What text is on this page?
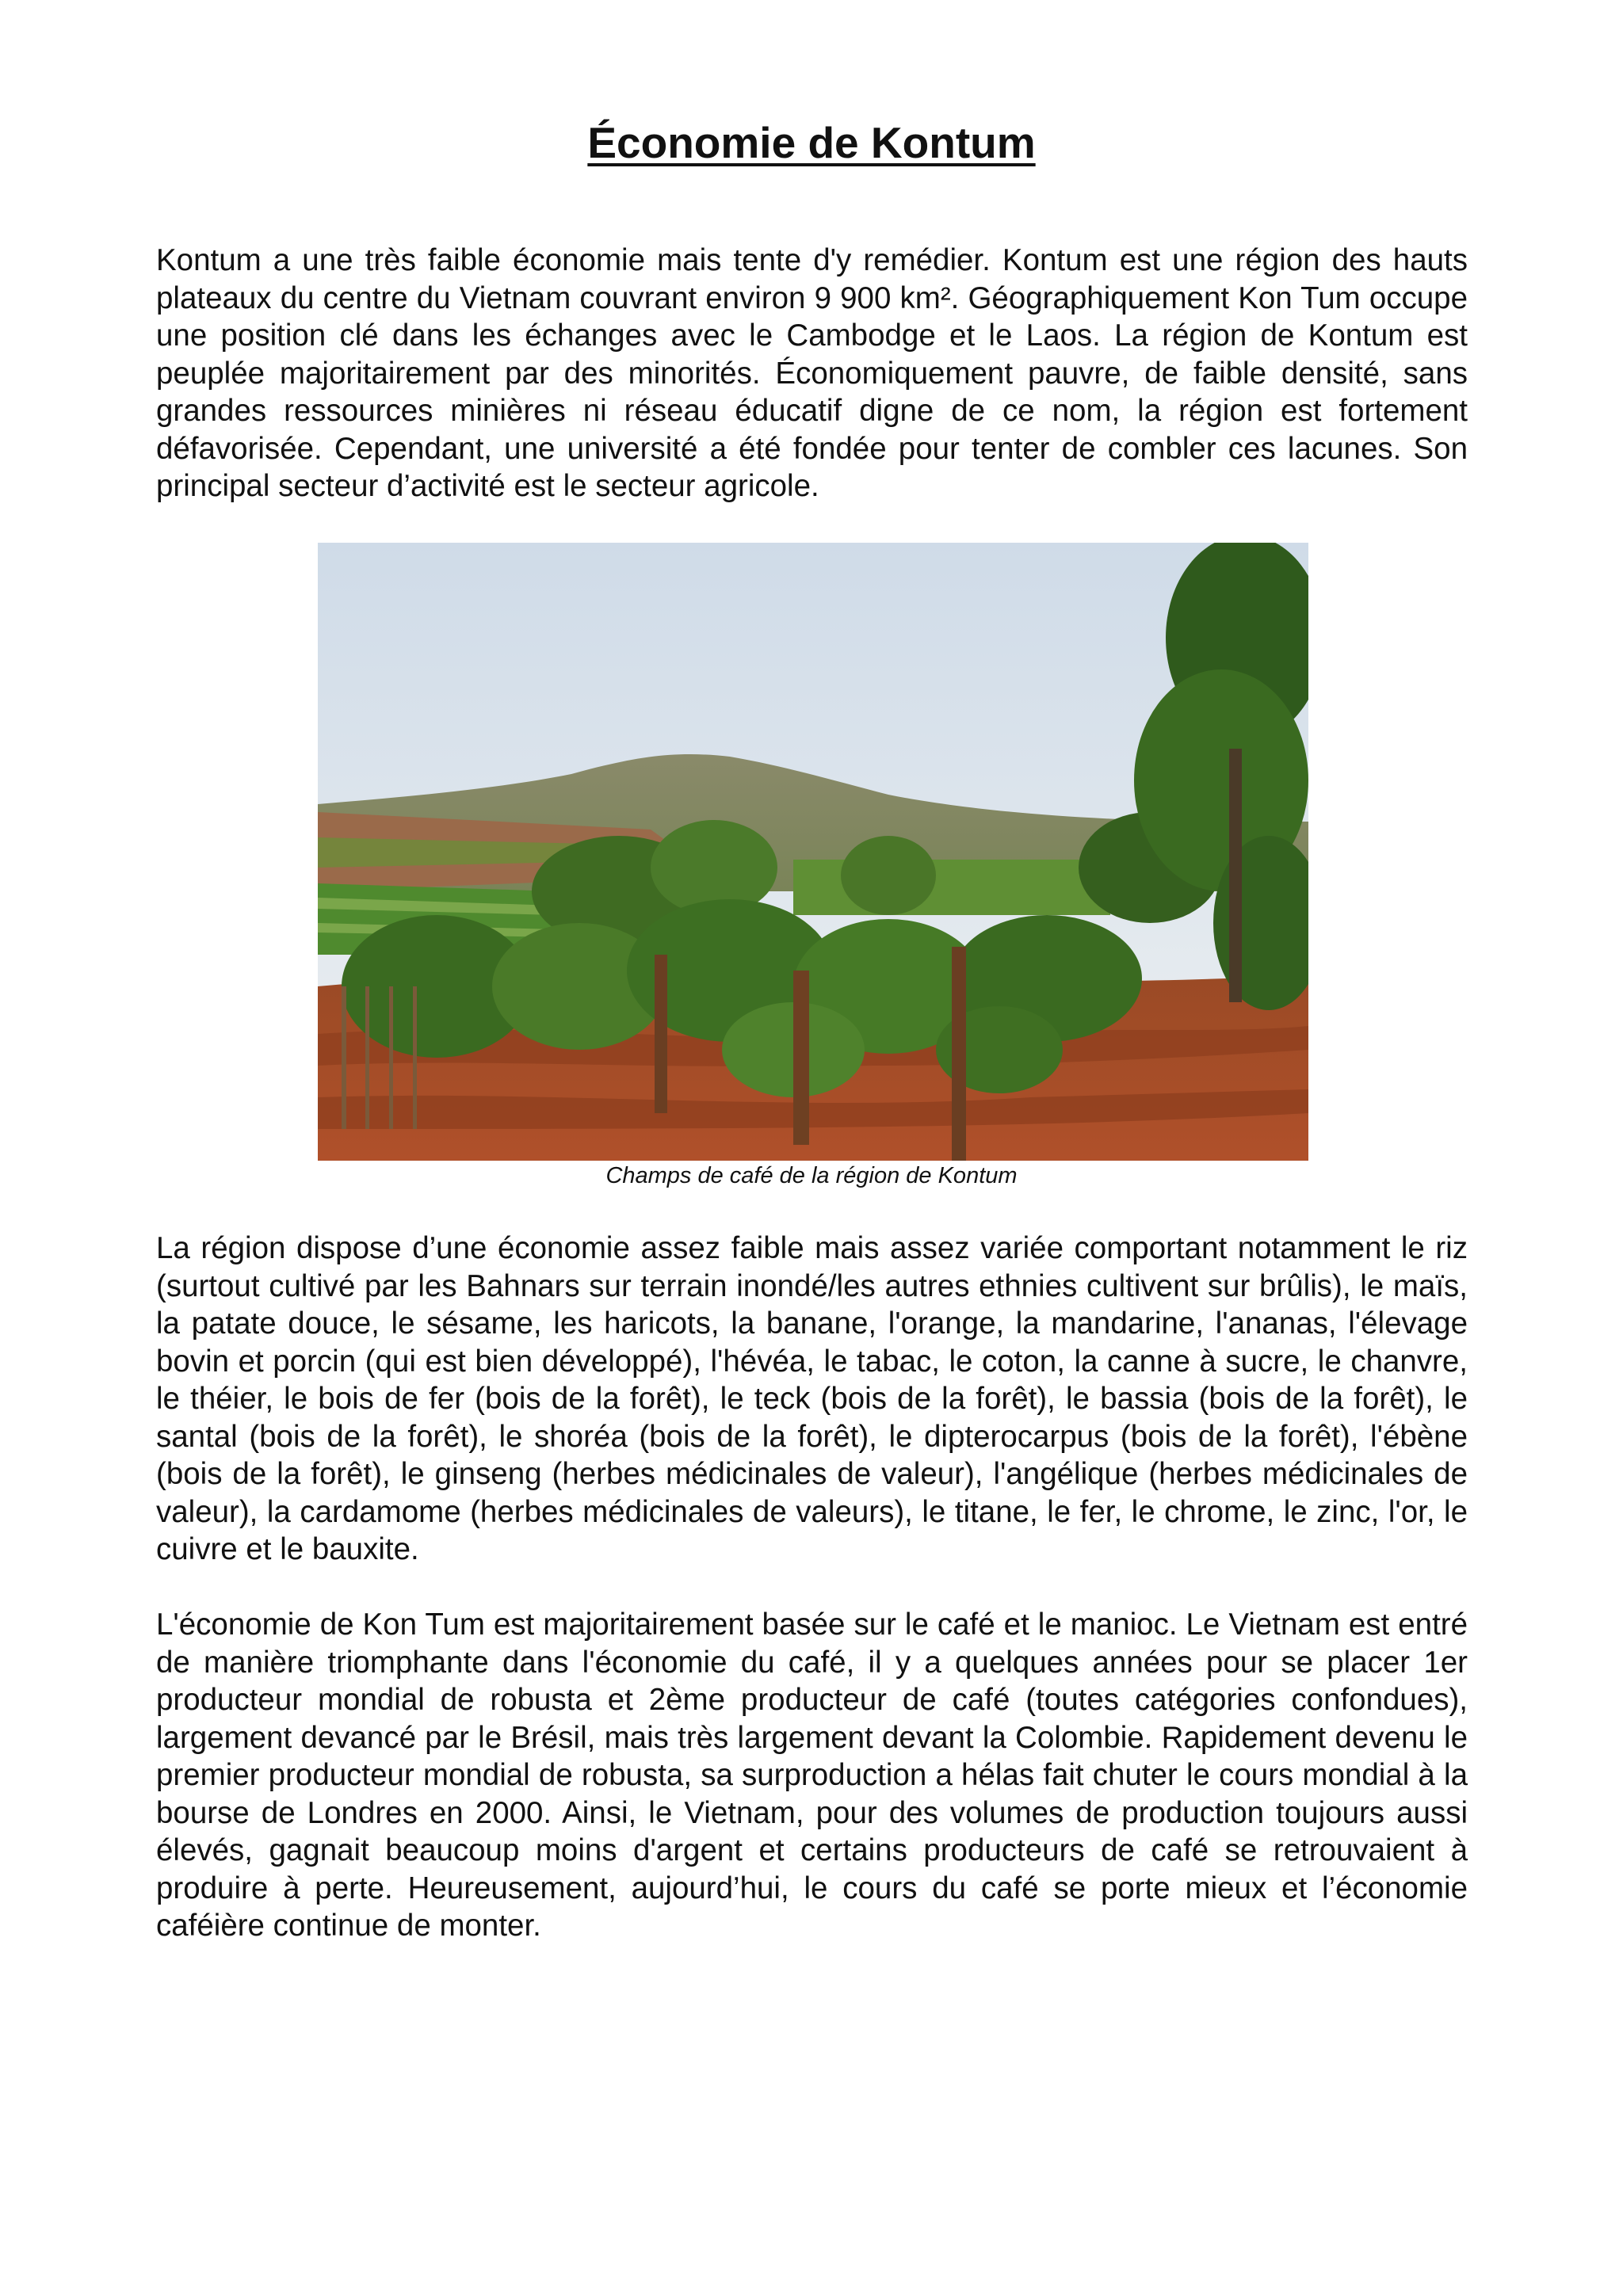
Économie de Kontum

Kontum a une très faible économie mais tente d'y remédier. Kontum est une région des hauts plateaux du centre du Vietnam couvrant environ 9 900 km². Géographiquement Kon Tum occupe une position clé dans les échanges avec le Cambodge et le Laos. La région de Kontum est peuplée majoritairement par des minorités. Économiquement pauvre, de faible densité, sans grandes ressources minières ni réseau éducatif digne de ce nom, la région est fortement défavorisée. Cependant, une université a été fondée pour tenter de combler ces lacunes. Son principal secteur d’activité est le secteur agricole.

Champs de café de la région de Kontum

La région dispose d’une économie assez faible mais assez variée comportant notamment le riz (surtout cultivé par les Bahnars sur terrain inondé/les autres ethnies cultivent sur brûlis), le maïs, la patate douce, le sésame, les haricots, la banane, l'orange, la mandarine, l'ananas, l'élevage bovin et porcin (qui est bien développé), l'hévéa, le tabac, le coton, la canne à sucre, le chanvre, le théier, le bois de fer (bois de la forêt), le teck (bois de la forêt), le bassia (bois de la forêt), le santal (bois de la forêt), le shoréa (bois de la forêt), le dipterocarpus (bois de la forêt), l'ébène (bois de la forêt), le ginseng (herbes médicinales de valeur), l'angélique (herbes médicinales de valeur), la cardamome (herbes médicinales de valeurs), le titane, le fer, le chrome, le zinc, l'or, le cuivre et le bauxite.

L'économie de Kon Tum est majoritairement basée sur le café et le manioc. Le Vietnam est entré de manière triomphante dans l'économie du café, il y a quelques années pour se placer 1er producteur mondial de robusta et 2ème producteur de café (toutes catégories confondues), largement devancé par le Brésil, mais très largement devant la Colombie. Rapidement devenu le premier producteur mondial de robusta, sa surproduction a hélas fait chuter le cours mondial à la bourse de Londres en 2000. Ainsi, le Vietnam, pour des volumes de production toujours aussi élevés, gagnait beaucoup moins d'argent et certains producteurs de café se retrouvaient à produire à perte. Heureusement, aujourd’hui, le cours du café se porte mieux et l’économie caféière continue de monter.
